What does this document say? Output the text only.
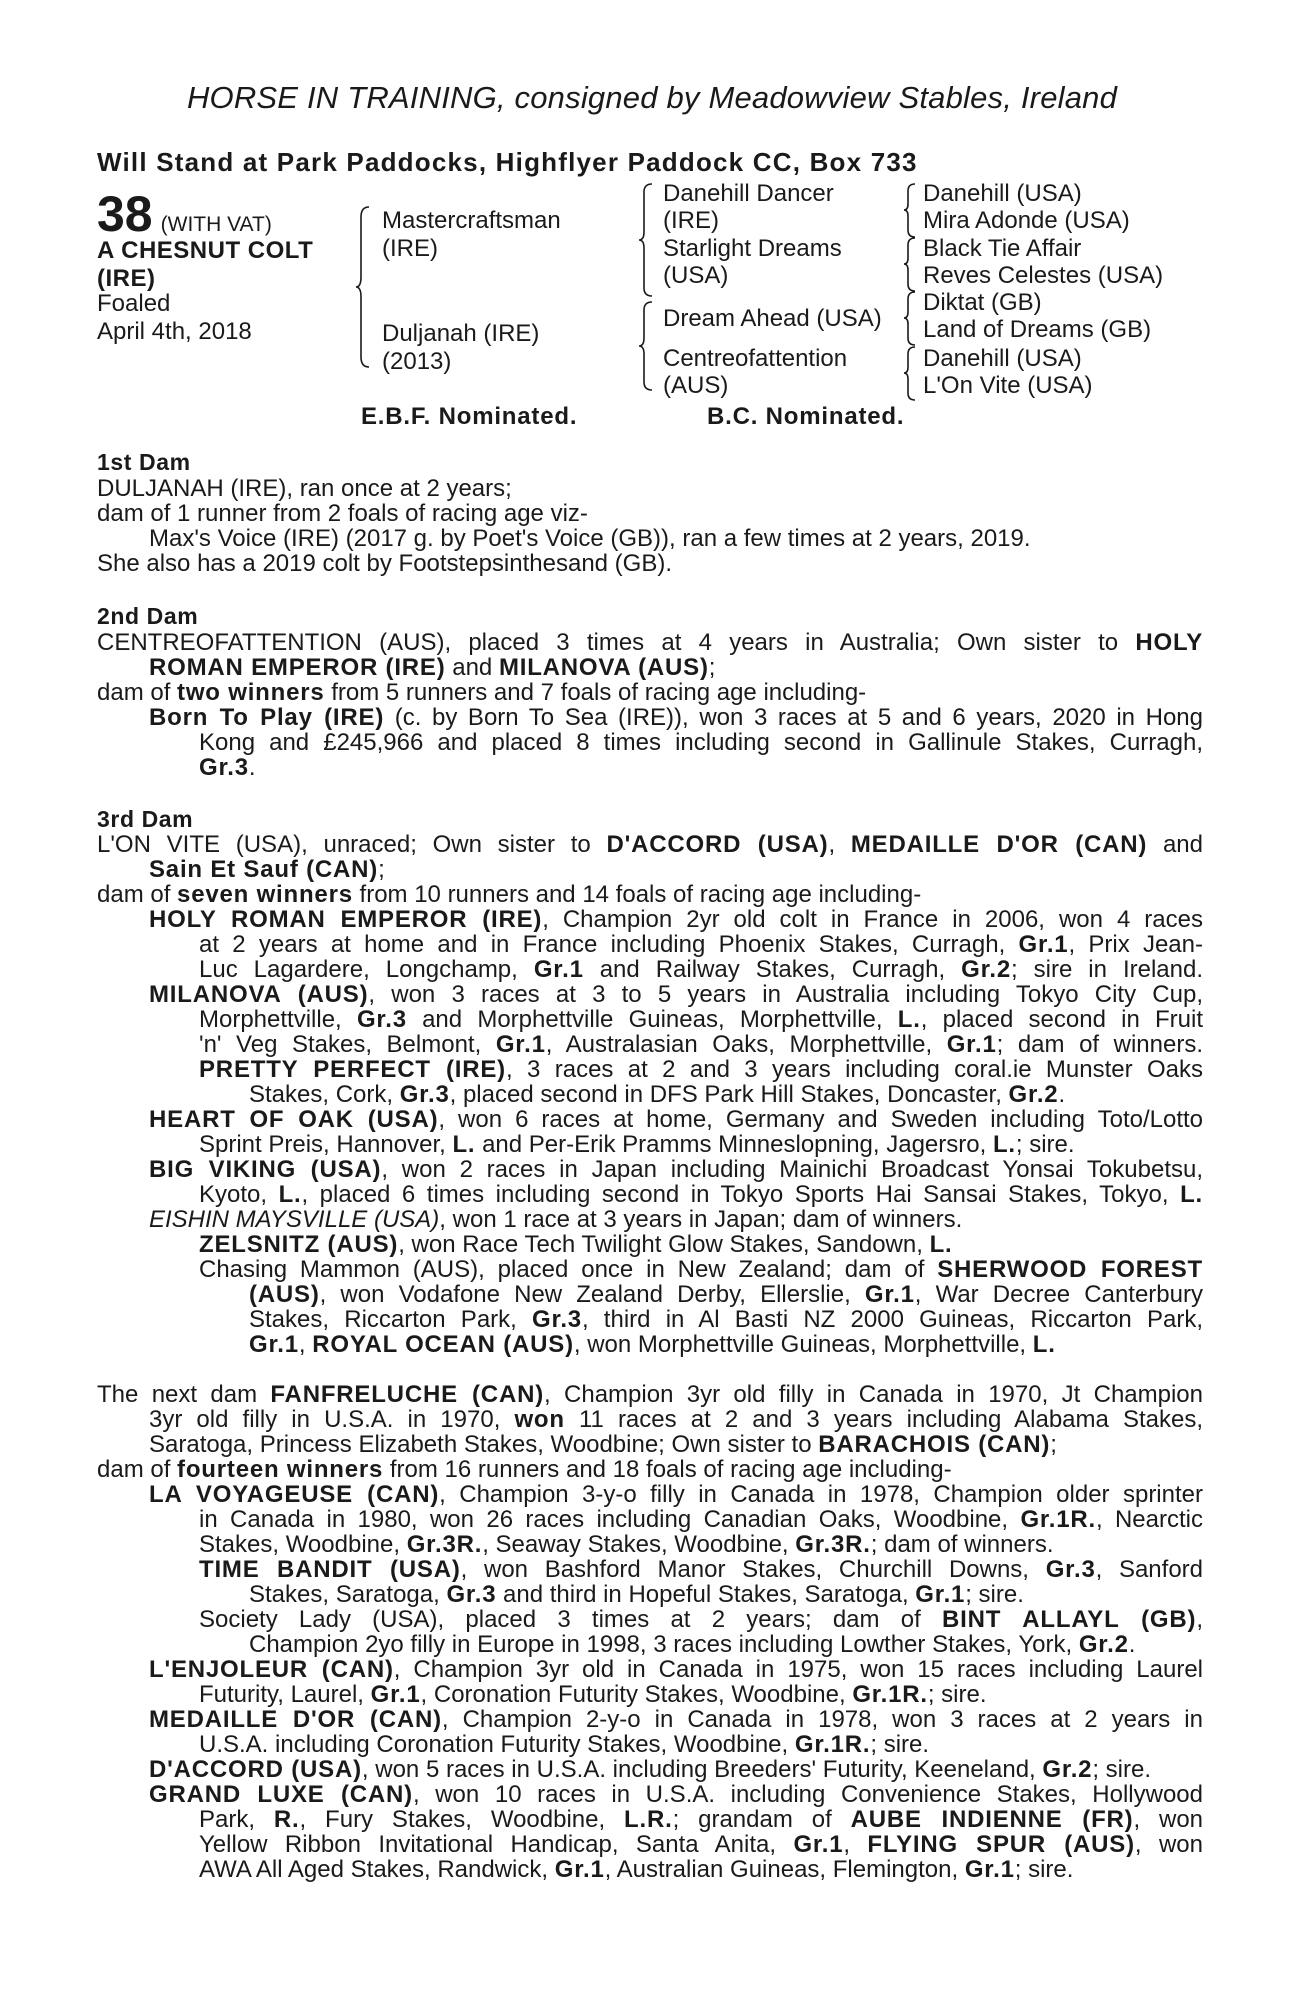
HORSE IN TRAINING, consigned by Meadowview Stables, Ireland
Will Stand at Park Paddocks, Highflyer Paddock CC, Box 733
38 (WITH VAT)
A CHESNUT COLT
(IRE)
Foaled
April 4th, 2018
Mastercraftsman
(IRE)
Duljanah (IRE)
(2013)
Danehill Dancer
(IRE)
Starlight Dreams
(USA)
Dream Ahead (USA)
Centreofattention
(AUS)
Danehill (USA)
Mira Adonde (USA)
Black Tie Affair
Reves Celestes (USA)
Diktat (GB)
Land of Dreams (GB)
Danehill (USA)
L'On Vite (USA)
E.B.F. Nominated.	B.C. Nominated.
1st Dam
DULJANAH (IRE), ran once at 2 years;
dam of 1 runner from 2 foals of racing age viz-
Max's Voice (IRE) (2017 g. by Poet's Voice (GB)), ran a few times at 2 years, 2019.
She also has a 2019 colt by Footstepsinthesand (GB).
2nd Dam
CENTREOFATTENTION (AUS), placed 3 times at 4 years in Australia; Own sister to HOLY
ROMAN EMPEROR (IRE) and MILANOVA (AUS);
dam of two winners from 5 runners and 7 foals of racing age including-
Born To Play (IRE) (c. by Born To Sea (IRE)), won 3 races at 5 and 6 years, 2020 in Hong
Kong and £245,966 and placed 8 times including second in Gallinule Stakes, Curragh,
Gr.3.
3rd Dam
L'ON VITE (USA), unraced; Own sister to D'ACCORD (USA), MEDAILLE D'OR (CAN) and
Sain Et Sauf (CAN);
dam of seven winners from 10 runners and 14 foals of racing age including-
HOLY ROMAN EMPEROR (IRE), Champion 2yr old colt in France in 2006, won 4 races
at 2 years at home and in France including Phoenix Stakes, Curragh, Gr.1, Prix Jean-
Luc Lagardere, Longchamp, Gr.1 and Railway Stakes, Curragh, Gr.2; sire in Ireland.
MILANOVA (AUS), won 3 races at 3 to 5 years in Australia including Tokyo City Cup,
Morphettville, Gr.3 and Morphettville Guineas, Morphettville, L., placed second in Fruit
'n' Veg Stakes, Belmont, Gr.1, Australasian Oaks, Morphettville, Gr.1; dam of winners.
PRETTY PERFECT (IRE), 3 races at 2 and 3 years including coral.ie Munster Oaks
Stakes, Cork, Gr.3, placed second in DFS Park Hill Stakes, Doncaster, Gr.2.
HEART OF OAK (USA), won 6 races at home, Germany and Sweden including Toto/Lotto
Sprint Preis, Hannover, L. and Per-Erik Pramms Minneslopning, Jagersro, L.; sire.
BIG VIKING (USA), won 2 races in Japan including Mainichi Broadcast Yonsai Tokubetsu,
Kyoto, L., placed 6 times including second in Tokyo Sports Hai Sansai Stakes, Tokyo, L.
EISHIN MAYSVILLE (USA), won 1 race at 3 years in Japan; dam of winners.
ZELSNITZ (AUS), won Race Tech Twilight Glow Stakes, Sandown, L.
Chasing Mammon (AUS), placed once in New Zealand; dam of SHERWOOD FOREST
(AUS), won Vodafone New Zealand Derby, Ellerslie, Gr.1, War Decree Canterbury
Stakes, Riccarton Park, Gr.3, third in Al Basti NZ 2000 Guineas, Riccarton Park,
Gr.1, ROYAL OCEAN (AUS), won Morphettville Guineas, Morphettville, L.
The next dam FANFRELUCHE (CAN), Champion 3yr old filly in Canada in 1970, Jt Champion
3yr old filly in U.S.A. in 1970, won 11 races at 2 and 3 years including Alabama Stakes,
Saratoga, Princess Elizabeth Stakes, Woodbine; Own sister to BARACHOIS (CAN);
dam of fourteen winners from 16 runners and 18 foals of racing age including-
LA VOYAGEUSE (CAN), Champion 3-y-o filly in Canada in 1978, Champion older sprinter
in Canada in 1980, won 26 races including Canadian Oaks, Woodbine, Gr.1R., Nearctic
Stakes, Woodbine, Gr.3R., Seaway Stakes, Woodbine, Gr.3R.; dam of winners.
TIME BANDIT (USA), won Bashford Manor Stakes, Churchill Downs, Gr.3, Sanford
Stakes, Saratoga, Gr.3 and third in Hopeful Stakes, Saratoga, Gr.1; sire.
Society Lady (USA), placed 3 times at 2 years; dam of BINT ALLAYL (GB),
Champion 2yo filly in Europe in 1998, 3 races including Lowther Stakes, York, Gr.2.
L'ENJOLEUR (CAN), Champion 3yr old in Canada in 1975, won 15 races including Laurel
Futurity, Laurel, Gr.1, Coronation Futurity Stakes, Woodbine, Gr.1R.; sire.
MEDAILLE D'OR (CAN), Champion 2-y-o in Canada in 1978, won 3 races at 2 years in
U.S.A. including Coronation Futurity Stakes, Woodbine, Gr.1R.; sire.
D'ACCORD (USA), won 5 races in U.S.A. including Breeders' Futurity, Keeneland, Gr.2; sire.
GRAND LUXE (CAN), won 10 races in U.S.A. including Convenience Stakes, Hollywood
Park, R., Fury Stakes, Woodbine, L.R.; grandam of AUBE INDIENNE (FR), won
Yellow Ribbon Invitational Handicap, Santa Anita, Gr.1, FLYING SPUR (AUS), won
AWA All Aged Stakes, Randwick, Gr.1, Australian Guineas, Flemington, Gr.1; sire.
